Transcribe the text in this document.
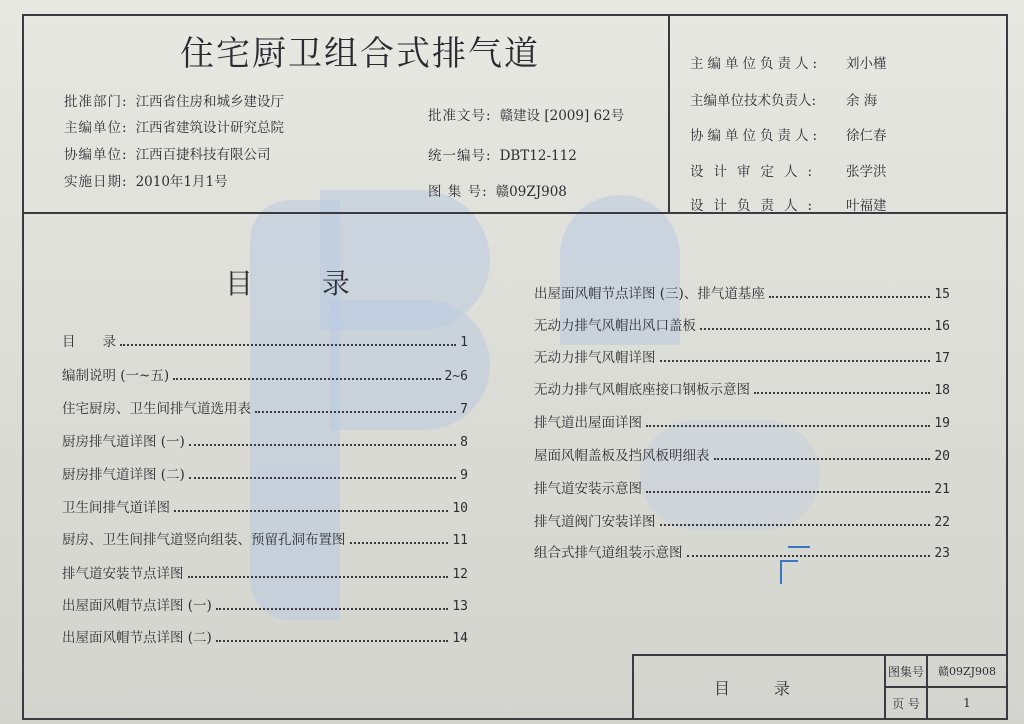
住宅厨卫组合式排气道
批准部门: 江西省住房和城乡建设厅
主编单位: 江西省建筑设计研究总院
协编单位: 江西百捷科技有限公司
实施日期: 2010年1月1号
批准文号: 赣建设 [2009] 62号
统一编号: DBT12-112
图 集 号: 赣09ZJ908
主编单位负责人: 刘小槿
主编单位技术负责人: 余 海
协编单位负责人: 徐仁春
设计审定人: 张学洪
设计负责人: 叶福建
目 录
目　　录	1
编制说明 (一~五)	2~6
住宅厨房、卫生间排气道选用表	7
厨房排气道详图 (一)	8
厨房排气道详图 (二)	9
卫生间排气道详图	10
厨房、卫生间排气道竖向组装、预留孔洞布置图	11
排气道安装节点详图	12
出屋面风帽节点详图 (一)	13
出屋面风帽节点详图 (二)	14
出屋面风帽节点详图 (三)、排气道基座	15
无动力排气风帽出风口盖板	16
无动力排气风帽详图	17
无动力排气风帽底座接口钢板示意图	18
排气道出屋面详图	19
屋面风帽盖板及挡风板明细表	20
排气道安装示意图	21
排气道阀门安装详图	22
组合式排气道组装示意图	23
目　录
图集号	赣09ZJ908
页 号	1
